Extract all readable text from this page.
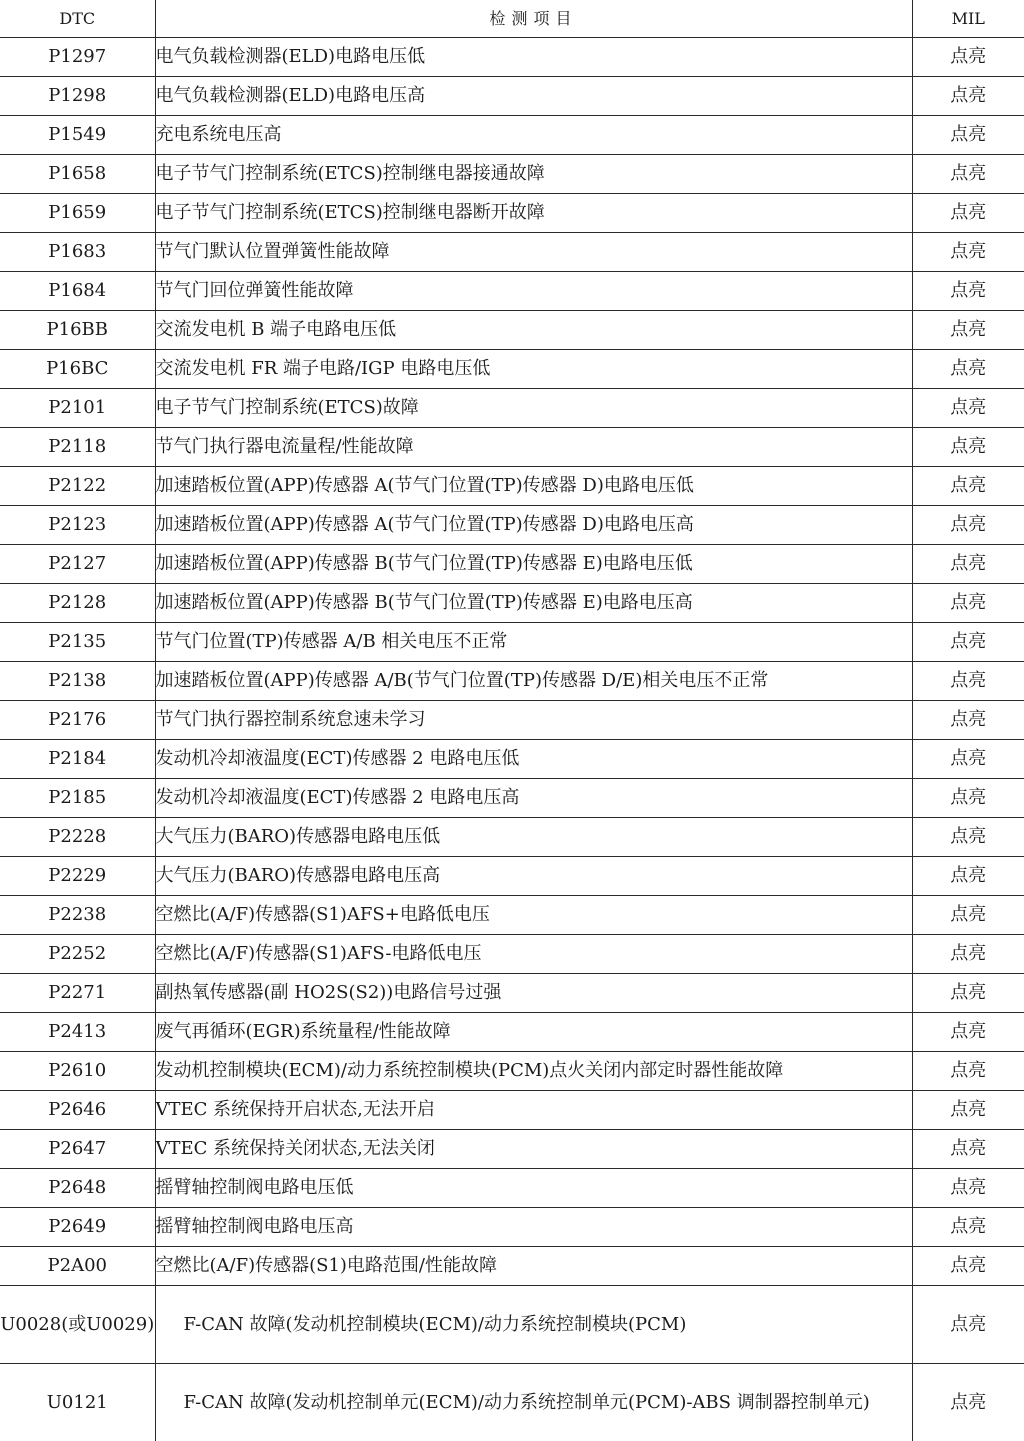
DTC	检测项目	MIL
P1297	电气负载检测器(ELD)电路电压低	点亮
P1298	电气负载检测器(ELD)电路电压高	点亮
P1549	充电系统电压高	点亮
P1658	电子节气门控制系统(ETCS)控制继电器接通故障	点亮
P1659	电子节气门控制系统(ETCS)控制继电器断开故障	点亮
P1683	节气门默认位置弹簧性能故障	点亮
P1684	节气门回位弹簧性能故障	点亮
P16BB	交流发电机 B 端子电路电压低	点亮
P16BC	交流发电机 FR 端子电路/IGP 电路电压低	点亮
P2101	电子节气门控制系统(ETCS)故障	点亮
P2118	节气门执行器电流量程/性能故障	点亮
P2122	加速踏板位置(APP)传感器 A(节气门位置(TP)传感器 D)电路电压低	点亮
P2123	加速踏板位置(APP)传感器 A(节气门位置(TP)传感器 D)电路电压高	点亮
P2127	加速踏板位置(APP)传感器 B(节气门位置(TP)传感器 E)电路电压低	点亮
P2128	加速踏板位置(APP)传感器 B(节气门位置(TP)传感器 E)电路电压高	点亮
P2135	节气门位置(TP)传感器 A/B 相关电压不正常	点亮
P2138	加速踏板位置(APP)传感器 A/B(节气门位置(TP)传感器 D/E)相关电压不正常	点亮
P2176	节气门执行器控制系统怠速未学习	点亮
P2184	发动机冷却液温度(ECT)传感器 2 电路电压低	点亮
P2185	发动机冷却液温度(ECT)传感器 2 电路电压高	点亮
P2228	大气压力(BARO)传感器电路电压低	点亮
P2229	大气压力(BARO)传感器电路电压高	点亮
P2238	空燃比(A/F)传感器(S1)AFS+电路低电压	点亮
P2252	空燃比(A/F)传感器(S1)AFS-电路低电压	点亮
P2271	副热氧传感器(副 HO2S(S2))电路信号过强	点亮
P2413	废气再循环(EGR)系统量程/性能故障	点亮
P2610	发动机控制模块(ECM)/动力系统控制模块(PCM)点火关闭内部定时器性能故障	点亮
P2646	VTEC 系统保持开启状态,无法开启	点亮
P2647	VTEC 系统保持关闭状态,无法关闭	点亮
P2648	摇臂轴控制阀电路电压低	点亮
P2649	摇臂轴控制阀电路电压高	点亮
P2A00	空燃比(A/F)传感器(S1)电路范围/性能故障	点亮
U0028(或U0029)	F-CAN 故障(发动机控制模块(ECM)/动力系统控制模块(PCM)	点亮
U0121	F-CAN 故障(发动机控制单元(ECM)/动力系统控制单元(PCM)-ABS 调制器控制单元)	点亮
